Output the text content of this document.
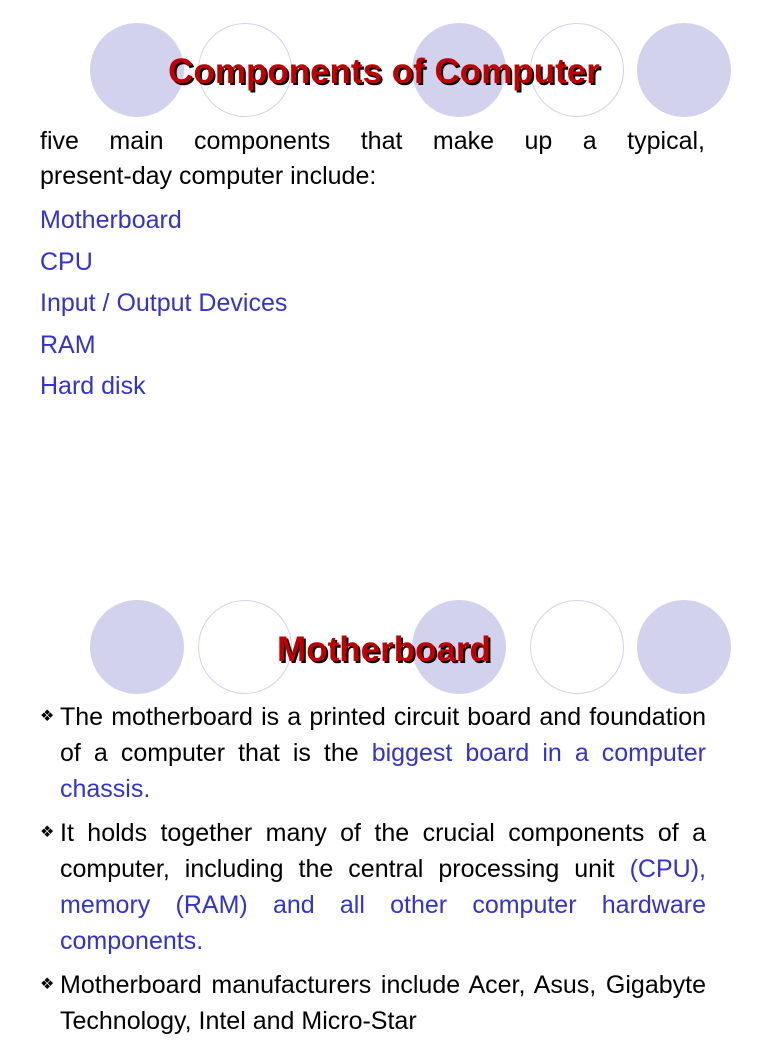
Components of Computer
five main components that make up a typical,
present-day computer include:
Motherboard
CPU
Input / Output Devices
RAM
Hard disk
Motherboard
❖ The motherboard is a printed circuit board and foundation of a computer that is the biggest board in a computer chassis.
❖ It holds together many of the crucial components of a computer, including the central processing unit (CPU), memory (RAM) and all other computer hardware components.
❖ Motherboard manufacturers include Acer, Asus, Gigabyte Technology, Intel and Micro-Star
